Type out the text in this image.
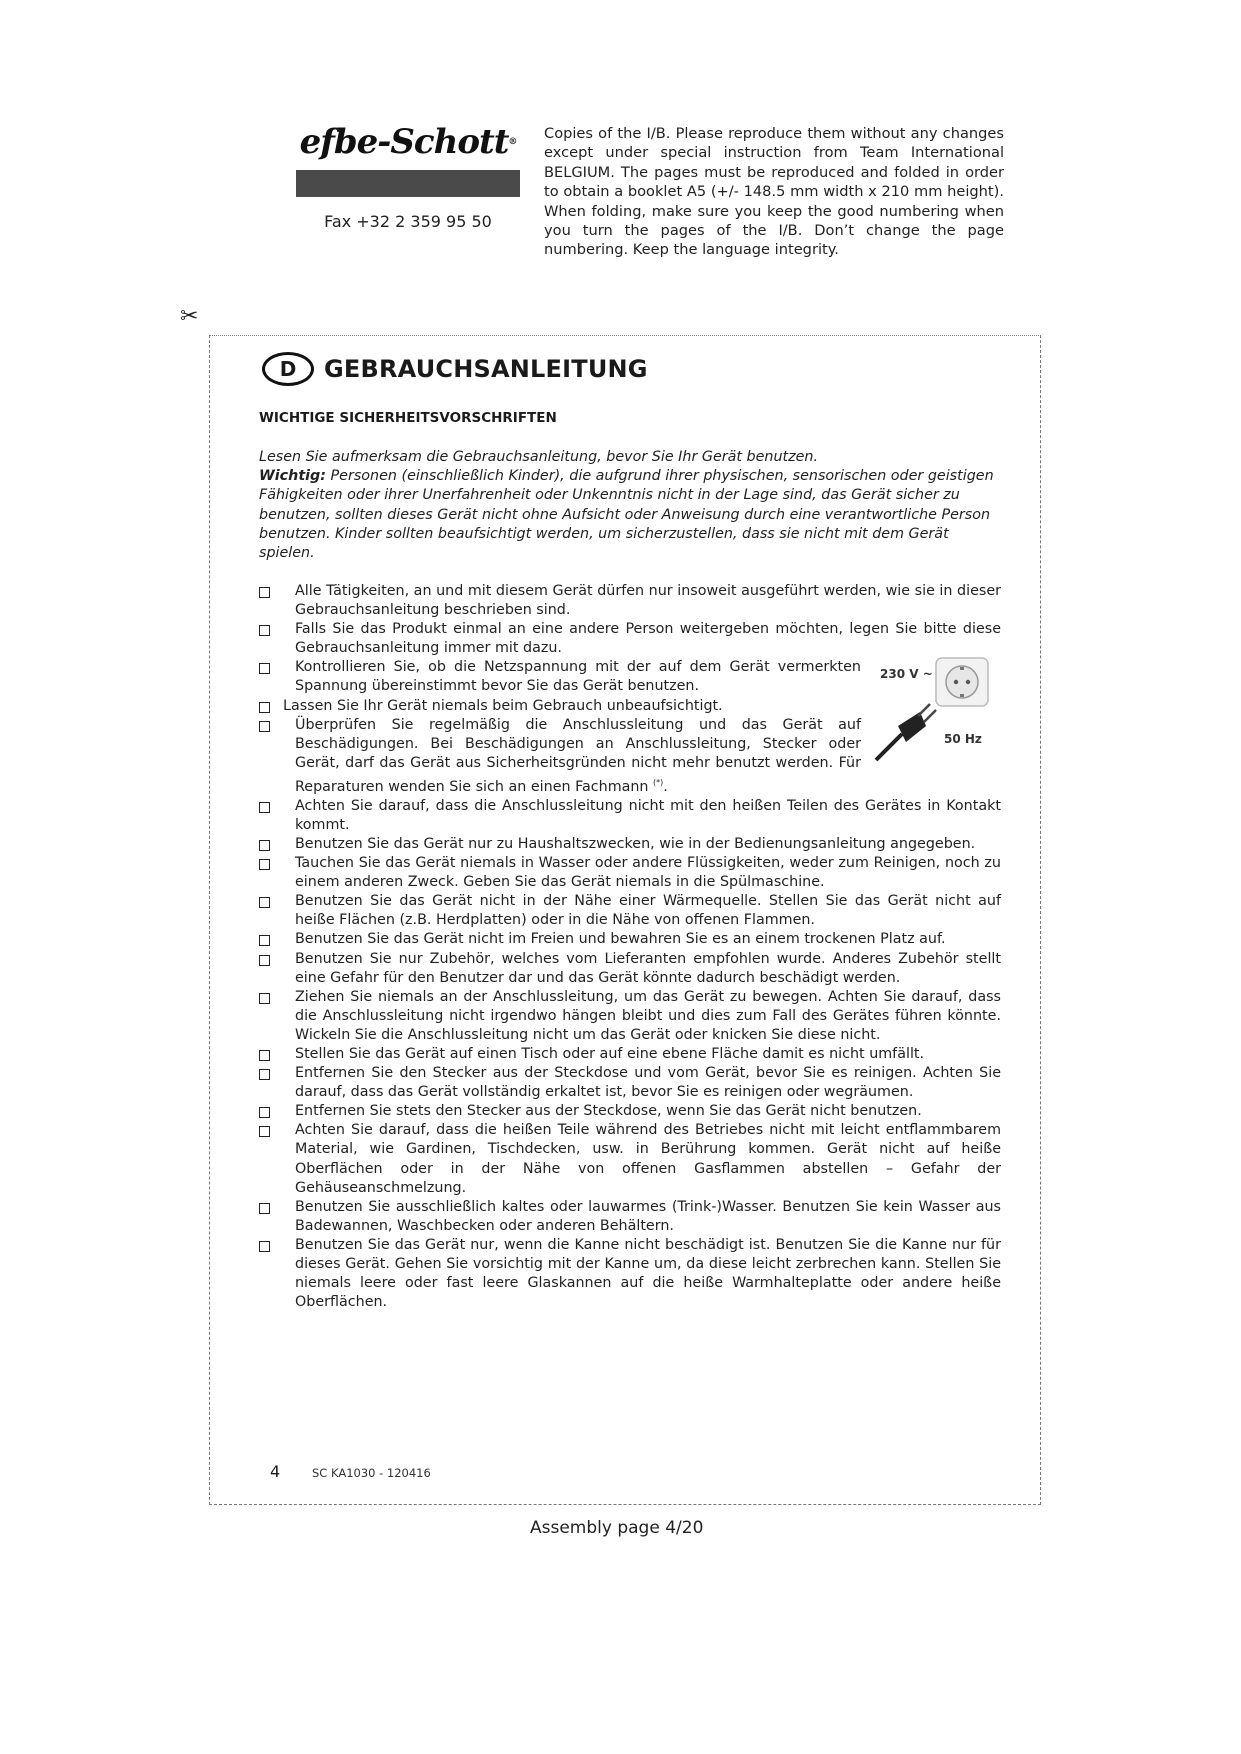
efbe-Schott®
Fax +32 2 359 95 50
Copies of the I/B. Please reproduce them without any changes except under special instruction from Team International BELGIUM. The pages must be reproduced and folded in order to obtain a booklet A5 (+/- 148.5 mm width x 210 mm height). When folding, make sure you keep the good numbering when you turn the pages of the I/B. Don’t change the page numbering. Keep the language integrity.
✂
D	GEBRAUCHSANLEITUNG
WICHTIGE SICHERHEITSVORSCHRIFTEN
Lesen Sie aufmerksam die Gebrauchsanleitung, bevor Sie Ihr Gerät benutzen.
Wichtig: Personen (einschließlich Kinder), die aufgrund ihrer physischen, sensorischen oder geistigen Fähigkeiten oder ihrer Unerfahrenheit oder Unkenntnis nicht in der Lage sind, das Gerät sicher zu benutzen, sollten dieses Gerät nicht ohne Aufsicht oder Anweisung durch eine verantwortliche Person benutzen. Kinder sollten beaufsichtigt werden, um sicherzustellen, dass sie nicht mit dem Gerät spielen.
Alle Tätigkeiten, an und mit diesem Gerät dürfen nur insoweit ausgeführt werden, wie sie in dieser Gebrauchsanleitung beschrieben sind.
Falls Sie das Produkt einmal an eine andere Person weitergeben möchten, legen Sie bitte diese Gebrauchsanleitung immer mit dazu.
Kontrollieren Sie, ob die Netzspannung mit der auf dem Gerät vermerkten Spannung übereinstimmt bevor Sie das Gerät benutzen.
Lassen Sie Ihr Gerät niemals beim Gebrauch unbeaufsichtigt.
Überprüfen Sie regelmäßig die Anschlussleitung und das Gerät auf Beschädigungen. Bei Beschädigungen an Anschlussleitung, Stecker oder Gerät, darf das Gerät aus Sicherheitsgründen nicht mehr benutzt werden. Für Reparaturen wenden Sie sich an einen Fachmann (*).
Achten Sie darauf, dass die Anschlussleitung nicht mit den heißen Teilen des Gerätes in Kontakt kommt.
Benutzen Sie das Gerät nur zu Haushaltszwecken, wie in der Bedienungsanleitung angegeben.
Tauchen Sie das Gerät niemals in Wasser oder andere Flüssigkeiten, weder zum Reinigen, noch zu einem anderen Zweck. Geben Sie das Gerät niemals in die Spülmaschine.
Benutzen Sie das Gerät nicht in der Nähe einer Wärmequelle. Stellen Sie das Gerät nicht auf heiße Flächen (z.B. Herdplatten) oder in die Nähe von offenen Flammen.
Benutzen Sie das Gerät nicht im Freien und bewahren Sie es an einem trockenen Platz auf.
Benutzen Sie nur Zubehör, welches vom Lieferanten empfohlen wurde. Anderes Zubehör stellt eine Gefahr für den Benutzer dar und das Gerät könnte dadurch beschädigt werden.
Ziehen Sie niemals an der Anschlussleitung, um das Gerät zu bewegen. Achten Sie darauf, dass die Anschlussleitung nicht irgendwo hängen bleibt und dies zum Fall des Gerätes führen könnte. Wickeln Sie die Anschlussleitung nicht um das Gerät oder knicken Sie diese nicht.
Stellen Sie das Gerät auf einen Tisch oder auf eine ebene Fläche damit es nicht umfällt.
Entfernen Sie den Stecker aus der Steckdose und vom Gerät, bevor Sie es reinigen. Achten Sie darauf, dass das Gerät vollständig erkaltet ist, bevor Sie es reinigen oder wegräumen.
Entfernen Sie stets den Stecker aus der Steckdose, wenn Sie das Gerät nicht benutzen.
Achten Sie darauf, dass die heißen Teile während des Betriebes nicht mit leicht entflammbarem Material, wie Gardinen, Tischdecken, usw. in Berührung kommen. Gerät nicht auf heiße Oberflächen oder in der Nähe von offenen Gasflammen abstellen – Gefahr der Gehäuseanschmelzung.
Benutzen Sie ausschließlich kaltes oder lauwarmes (Trink-)Wasser. Benutzen Sie kein Wasser aus Badewannen, Waschbecken oder anderen Behältern.
Benutzen Sie das Gerät nur, wenn die Kanne nicht beschädigt ist. Benutzen Sie die Kanne nur für dieses Gerät. Gehen Sie vorsichtig mit der Kanne um, da diese leicht zerbrechen kann. Stellen Sie niemals leere oder fast leere Glaskannen auf die heiße Warmhalteplatte oder andere heiße Oberflächen.
230 V ~
50 Hz
4	SC KA1030 - 120416
Assembly page 4/20
